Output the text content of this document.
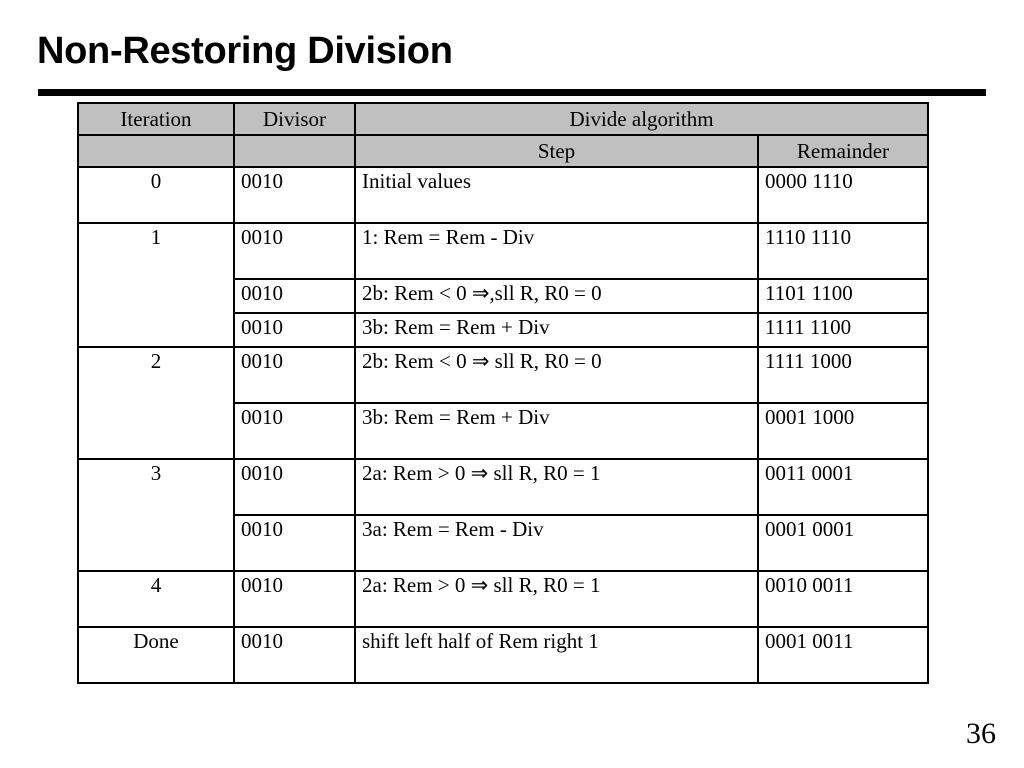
Non-Restoring Division
Iteration	Divisor	Divide algorithm	
		Step	Remainder
0	0010	Initial values	0000 1110
1	0010	1: Rem = Rem - Div	1110 1110
	0010	2b: Rem < 0 ⇒,sll R, R0 = 0	1101 1100
	0010	3b: Rem = Rem + Div	1111 1100
2	0010	2b: Rem < 0 ⇒ sll R, R0 = 0	1111 1000
	0010	3b: Rem = Rem + Div	0001 1000
3	0010	2a: Rem > 0 ⇒ sll R, R0 = 1	0011 0001
	0010	3a: Rem = Rem - Div	0001 0001
4	0010	2a: Rem > 0 ⇒ sll R, R0 = 1	0010 0011
Done	0010	shift left half of Rem right 1	0001 0011
36
